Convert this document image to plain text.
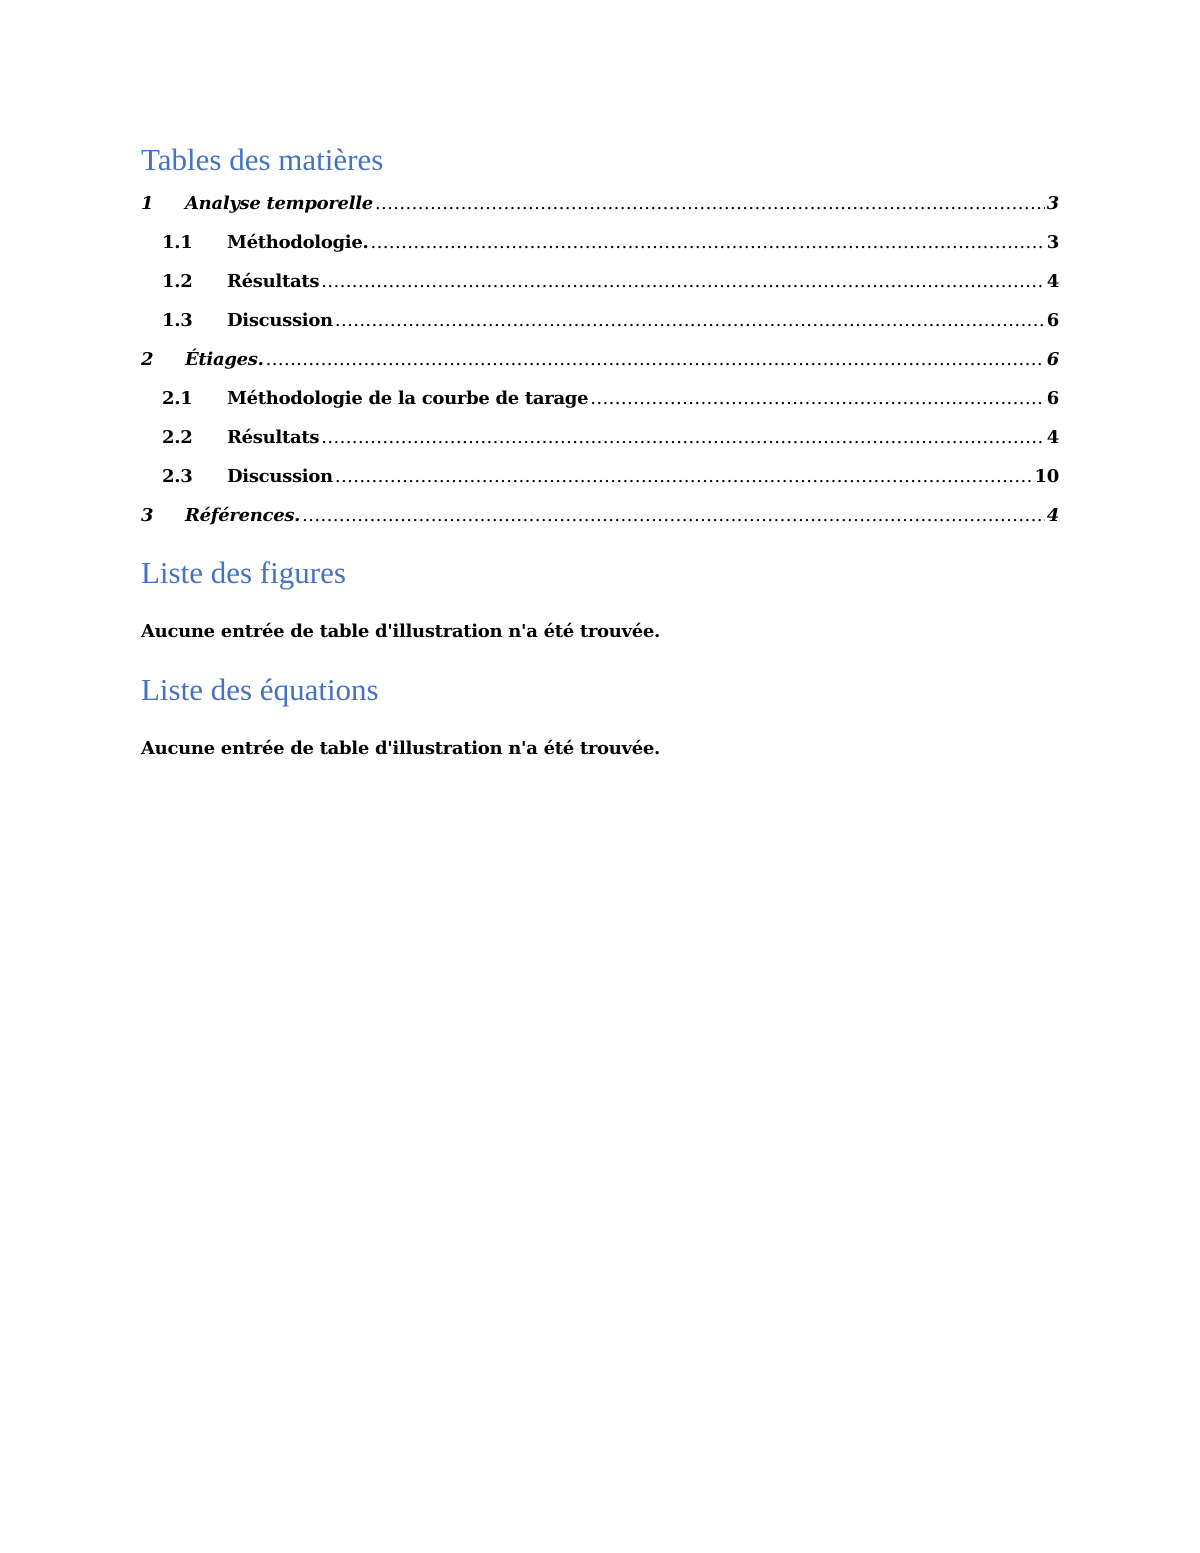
Tables des matières
1	Analyse temporelle .....	3
1.1	Méthodologie. .....	3
1.2	Résultats .....	4
1.3	Discussion .....	6
2	Étiages. .....	6
2.1	Méthodologie de la courbe de tarage .....	6
2.2	Résultats .....	4
2.3	Discussion .....	10
3	Références. .....	4
Liste des figures

Aucune entrée de table d'illustration n'a été trouvée.

Liste des équations

Aucune entrée de table d'illustration n'a été trouvée.
